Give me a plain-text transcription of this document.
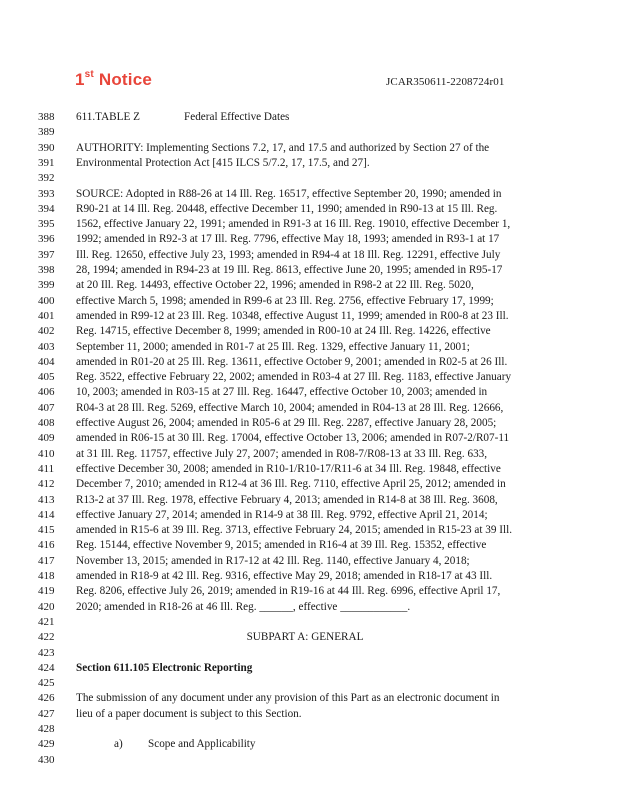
1st Notice	JCAR350611-2208724r01
388	611.TABLE Z	Federal Effective Dates
389
390	AUTHORITY: Implementing Sections 7.2, 17, and 17.5 and authorized by Section 27 of the
391	Environmental Protection Act [415 ILCS 5/7.2, 17, 17.5, and 27].
392
393	SOURCE: Adopted in R88-26 at 14 Ill. Reg. 16517, effective September 20, 1990; amended in
394	R90-21 at 14 Ill. Reg. 20448, effective December 11, 1990; amended in R90-13 at 15 Ill. Reg.
395	1562, effective January 22, 1991; amended in R91-3 at 16 Ill. Reg. 19010, effective December 1,
396	1992; amended in R92-3 at 17 Ill. Reg. 7796, effective May 18, 1993; amended in R93-1 at 17
397	Ill. Reg. 12650, effective July 23, 1993; amended in R94-4 at 18 Ill. Reg. 12291, effective July
398	28, 1994; amended in R94-23 at 19 Ill. Reg. 8613, effective June 20, 1995; amended in R95-17
399	at 20 Ill. Reg. 14493, effective October 22, 1996; amended in R98-2 at 22 Ill. Reg. 5020,
400	effective March 5, 1998; amended in R99-6 at 23 Ill. Reg. 2756, effective February 17, 1999;
401	amended in R99-12 at 23 Ill. Reg. 10348, effective August 11, 1999; amended in R00-8 at 23 Ill.
402	Reg. 14715, effective December 8, 1999; amended in R00-10 at 24 Ill. Reg. 14226, effective
403	September 11, 2000; amended in R01-7 at 25 Ill. Reg. 1329, effective January 11, 2001;
404	amended in R01-20 at 25 Ill. Reg. 13611, effective October 9, 2001; amended in R02-5 at 26 Ill.
405	Reg. 3522, effective February 22, 2002; amended in R03-4 at 27 Ill. Reg. 1183, effective January
406	10, 2003; amended in R03-15 at 27 Ill. Reg. 16447, effective October 10, 2003; amended in
407	R04-3 at 28 Ill. Reg. 5269, effective March 10, 2004; amended in R04-13 at 28 Ill. Reg. 12666,
408	effective August 26, 2004; amended in R05-6 at 29 Ill. Reg. 2287, effective January 28, 2005;
409	amended in R06-15 at 30 Ill. Reg. 17004, effective October 13, 2006; amended in R07-2/R07-11
410	at 31 Ill. Reg. 11757, effective July 27, 2007; amended in R08-7/R08-13 at 33 Ill. Reg. 633,
411	effective December 30, 2008; amended in R10-1/R10-17/R11-6 at 34 Ill. Reg. 19848, effective
412	December 7, 2010; amended in R12-4 at 36 Ill. Reg. 7110, effective April 25, 2012; amended in
413	R13-2 at 37 Ill. Reg. 1978, effective February 4, 2013; amended in R14-8 at 38 Ill. Reg. 3608,
414	effective January 27, 2014; amended in R14-9 at 38 Ill. Reg. 9792, effective April 21, 2014;
415	amended in R15-6 at 39 Ill. Reg. 3713, effective February 24, 2015; amended in R15-23 at 39 Ill.
416	Reg. 15144, effective November 9, 2015; amended in R16-4 at 39 Ill. Reg. 15352, effective
417	November 13, 2015; amended in R17-12 at 42 Ill. Reg. 1140, effective January 4, 2018;
418	amended in R18-9 at 42 Ill. Reg. 9316, effective May 29, 2018; amended in R18-17 at 43 Ill.
419	Reg. 8206, effective July 26, 2019; amended in R19-16 at 44 Ill. Reg. 6996, effective April 17,
420	2020; amended in R18-26 at 46 Ill. Reg. ______, effective ____________.
421
422	SUBPART A: GENERAL
423
424	Section 611.105 Electronic Reporting
425
426	The submission of any document under any provision of this Part as an electronic document in
427	lieu of a paper document is subject to this Section.
428
429	a) Scope and Applicability
430
